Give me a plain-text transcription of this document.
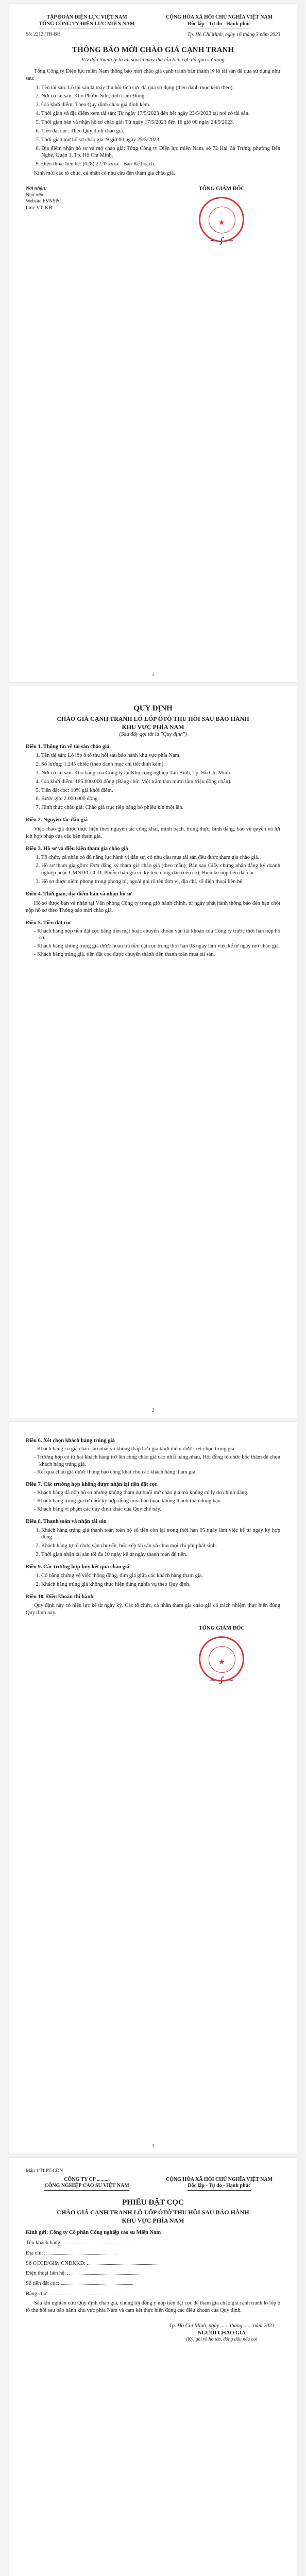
TẬP ĐOÀN ĐIỆN LỰC VIỆT NAM
TỔNG CÔNG TY ĐIỆN LỰC MIỀN NAM
CỘNG HÒA XÃ HỘI CHỦ NGHĨA VIỆT NAM
Độc lập - Tự do - Hạnh phúc
Số: 2212 /TB-BH	Tp. Hồ Chí Minh, ngày 16 tháng 5 năm 2023
THÔNG BÁO MỜI CHÀO GIÁ CẠNH TRANH
V/v đấu thanh lý lô tài sản là máy thu hồi tích cực đã qua sử dụng

Tổng Công ty Điện lực miền Nam thông báo mời chào giá cạnh tranh bán thanh lý lô tài sản đã qua sử dụng như sau:

1. Tên tài sản: Lô tài sản là máy thu hồi tích cực đã qua sử dụng (theo danh mục kèm theo).
2. Nơi có tài sản: Kho Phước Sơn, tỉnh Lâm Đồng.
3. Giá khởi điểm: Theo Quy định chào giá đính kèm.
4. Thời gian và địa điểm xem tài sản: Từ ngày 17/5/2023 đến hết ngày 23/5/2023 tại nơi có tài sản.
5. Thời gian bán và nhận hồ sơ chào giá: Từ ngày 17/5/2023 đến 16 giờ 00 ngày 24/5/2023.
6. Tiền đặt cọc: Theo Quy định chào giá.
7. Thời gian mở hồ sơ chào giá: 9 giờ 00 ngày 25/5/2023.
8. Địa điểm nhận hồ sơ và mở chào giá: Tổng Công ty Điện lực miền Nam, số 72 Hai Bà Trưng, phường Bến Nghé, Quận 1, Tp. Hồ Chí Minh.
9. Điện thoại liên hệ: (028) 2220 xxxx - Ban Kế hoạch.

Kính mời các tổ chức, cá nhân có nhu cầu đến tham gia chào giá.

Nơi nhận:
Như trên;
Website EVNSPC;
Lưu: VT, KH.
TỔNG GIÁM ĐỐC
★
~ ∫ ~
1
QUY ĐỊNH
CHÀO GIÁ CẠNH TRANH LÔ LỐP ÔTÔ THU HỒI SAU BẢO HÀNH
KHU VỰC PHÍA NAM
(Sau đây gọi tắt là "Quy định")
Điều 1. Thông tin về tài sản chào giá
1. Tên tài sản: Lô lốp ô tô thu hồi sau bảo hành khu vực phía Nam.
2. Số lượng: 1.245 chiếc (theo danh mục chi tiết đính kèm).
3. Nơi có tài sản: Kho hàng của Công ty tại Khu công nghiệp Tân Bình, Tp. Hồ Chí Minh.
4. Giá khởi điểm: 185.000.000 đồng (Bằng chữ: Một trăm tám mươi lăm triệu đồng chẵn).
5. Tiền đặt cọc: 10% giá khởi điểm.
6. Bước giá: 2.000.000 đồng.
7. Hình thức chào giá: Chào giá trực tiếp bằng bỏ phiếu kín một lần.
Điều 2. Nguyên tắc đấu giá

Việc chào giá được thực hiện theo nguyên tắc công khai, minh bạch, trung thực, bình đẳng, bảo vệ quyền và lợi ích hợp pháp của các bên tham gia.

Điều 3. Hồ sơ và điều kiện tham gia chào giá
1. Tổ chức, cá nhân có đủ năng lực hành vi dân sự, có nhu cầu mua tài sản đều được tham gia chào giá.
2. Hồ sơ tham gia gồm: Đơn đăng ký tham gia chào giá (theo mẫu); Bản sao Giấy chứng nhận đăng ký doanh nghiệp hoặc CMND/CCCD; Phiếu chào giá có ký tên, đóng dấu (nếu có); Biên lai nộp tiền đặt cọc.
3. Hồ sơ được niêm phong trong phong bì, ngoài ghi rõ tên đơn vị, địa chỉ, số điện thoại liên hệ.
Điều 4. Thời gian, địa điểm bán và nhận hồ sơ

Hồ sơ được bán và nhận tại Văn phòng Công ty trong giờ hành chính, từ ngày phát hành thông báo đến hạn chót nộp hồ sơ theo Thông báo mời chào giá.

Điều 5. Tiền đặt cọc
- Khách hàng nộp tiền đặt cọc bằng tiền mặt hoặc chuyển khoản vào tài khoản của Công ty trước thời hạn nộp hồ sơ.
- Khách hàng không trúng giá được hoàn trả tiền đặt cọc trong thời hạn 03 ngày làm việc kể từ ngày mở chào giá.
- Khách hàng trúng giá, tiền đặt cọc được chuyển thành tiền thanh toán mua tài sản.
2
Điều 6. Xét chọn khách hàng trúng giá
- Khách hàng có giá chào cao nhất và không thấp hơn giá khởi điểm được xét chọn trúng giá.
- Trường hợp có từ hai khách hàng trở lên cùng chào giá cao nhất bằng nhau, Hội đồng tổ chức bốc thăm để chọn khách hàng trúng giá.
- Kết quả chào giá được thông báo công khai cho các khách hàng tham gia.
Điều 7. Các trường hợp không được nhận lại tiền đặt cọc
- Khách hàng đã nộp hồ sơ nhưng không tham dự buổi mở chào giá mà không có lý do chính đáng.
- Khách hàng trúng giá từ chối ký hợp đồng mua bán hoặc không thanh toán đúng hạn.
- Khách hàng vi phạm các quy định khác của Quy chế này.
Điều 8. Thanh toán và nhận tài sản
1. Khách hàng trúng giá thanh toán toàn bộ số tiền còn lại trong thời hạn 05 ngày làm việc kể từ ngày ký hợp đồng.
2. Khách hàng tự tổ chức vận chuyển, bốc xếp tài sản và chịu mọi chi phí phát sinh.
3. Thời gian nhận tài sản tối đa 10 ngày kể từ ngày thanh toán đủ tiền.
Điều 9. Các trường hợp hủy kết quả chào giá
1. Có bằng chứng về việc thông đồng, dìm giá giữa các khách hàng tham gia.
2. Khách hàng trúng giá không thực hiện đúng nghĩa vụ theo Quy định.
Điều 10. Điều khoản thi hành

Quy định này có hiệu lực kể từ ngày ký. Các tổ chức, cá nhân tham gia chào giá có trách nhiệm thực hiện đúng Quy định này.

TỔNG GIÁM ĐỐC
★
~ ∫ ~
3
Mẫu 1/TLPT-CĐN
CÔNG TY CP ..........
CÔNG NGHIỆP CAO SU VIỆT NAM
CỘNG HÒA XÃ HỘI CHỦ NGHĨA VIỆT NAM
Độc lập - Tự do - Hạnh phúc
PHIẾU ĐẶT CỌC
CHÀO GIÁ CẠNH TRANH LÔ LỐP ÔTÔ THU HỒI SAU BẢO HÀNH
KHU VỰC PHÍA NAM

Kính gửi: Công ty Cổ phần Công nghiệp cao su Miền Nam

Tên khách hàng:

Địa chỉ:

Số CCCD/Giấy CNĐKKD:

Điện thoại liên hệ:

Số tiền đặt cọc:

Bằng chữ:

Sau khi nghiên cứu Quy định chào giá, chúng tôi đồng ý nộp tiền đặt cọc để tham gia chào giá cạnh tranh lô lốp ô tô thu hồi sau bảo hành khu vực phía Nam và cam kết thực hiện đúng các điều khoản của Quy định.

Tp. Hồ Chí Minh, ngày ...... tháng ...... năm 2023
NGƯỜI CHÀO GIÁ
(Ký, ghi rõ họ tên, đóng dấu nếu có)
